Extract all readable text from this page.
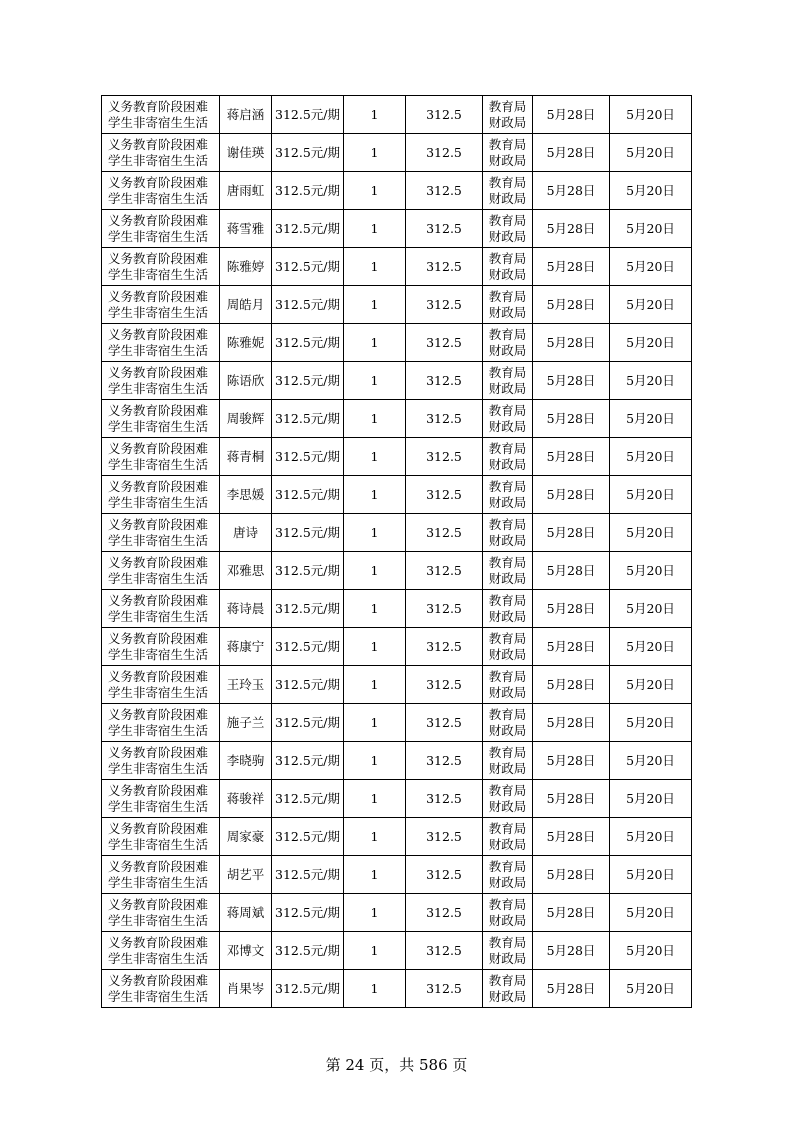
义务教育阶段困难学生非寄宿生生活	蒋启涵	312.5元/期	1	312.5	教育局财政局	5月28日	5月20日
义务教育阶段困难学生非寄宿生生活	谢佳瑛	312.5元/期	1	312.5	教育局财政局	5月28日	5月20日
义务教育阶段困难学生非寄宿生生活	唐雨虹	312.5元/期	1	312.5	教育局财政局	5月28日	5月20日
义务教育阶段困难学生非寄宿生生活	蒋雪雅	312.5元/期	1	312.5	教育局财政局	5月28日	5月20日
义务教育阶段困难学生非寄宿生生活	陈雅婷	312.5元/期	1	312.5	教育局财政局	5月28日	5月20日
义务教育阶段困难学生非寄宿生生活	周皓月	312.5元/期	1	312.5	教育局财政局	5月28日	5月20日
义务教育阶段困难学生非寄宿生生活	陈雅妮	312.5元/期	1	312.5	教育局财政局	5月28日	5月20日
义务教育阶段困难学生非寄宿生生活	陈语欣	312.5元/期	1	312.5	教育局财政局	5月28日	5月20日
义务教育阶段困难学生非寄宿生生活	周骏辉	312.5元/期	1	312.5	教育局财政局	5月28日	5月20日
义务教育阶段困难学生非寄宿生生活	蒋青桐	312.5元/期	1	312.5	教育局财政局	5月28日	5月20日
义务教育阶段困难学生非寄宿生生活	李思媛	312.5元/期	1	312.5	教育局财政局	5月28日	5月20日
义务教育阶段困难学生非寄宿生生活	唐诗	312.5元/期	1	312.5	教育局财政局	5月28日	5月20日
义务教育阶段困难学生非寄宿生生活	邓雅思	312.5元/期	1	312.5	教育局财政局	5月28日	5月20日
义务教育阶段困难学生非寄宿生生活	蒋诗晨	312.5元/期	1	312.5	教育局财政局	5月28日	5月20日
义务教育阶段困难学生非寄宿生生活	蒋康宁	312.5元/期	1	312.5	教育局财政局	5月28日	5月20日
义务教育阶段困难学生非寄宿生生活	王玲玉	312.5元/期	1	312.5	教育局财政局	5月28日	5月20日
义务教育阶段困难学生非寄宿生生活	施子兰	312.5元/期	1	312.5	教育局财政局	5月28日	5月20日
义务教育阶段困难学生非寄宿生生活	李晓驹	312.5元/期	1	312.5	教育局财政局	5月28日	5月20日
义务教育阶段困难学生非寄宿生生活	蒋骏祥	312.5元/期	1	312.5	教育局财政局	5月28日	5月20日
义务教育阶段困难学生非寄宿生生活	周家豪	312.5元/期	1	312.5	教育局财政局	5月28日	5月20日
义务教育阶段困难学生非寄宿生生活	胡艺平	312.5元/期	1	312.5	教育局财政局	5月28日	5月20日
义务教育阶段困难学生非寄宿生生活	蒋周斌	312.5元/期	1	312.5	教育局财政局	5月28日	5月20日
义务教育阶段困难学生非寄宿生生活	邓博文	312.5元/期	1	312.5	教育局财政局	5月28日	5月20日
义务教育阶段困难学生非寄宿生生活	肖果岑	312.5元/期	1	312.5	教育局财政局	5月28日	5月20日
第 24 页，共 586 页
